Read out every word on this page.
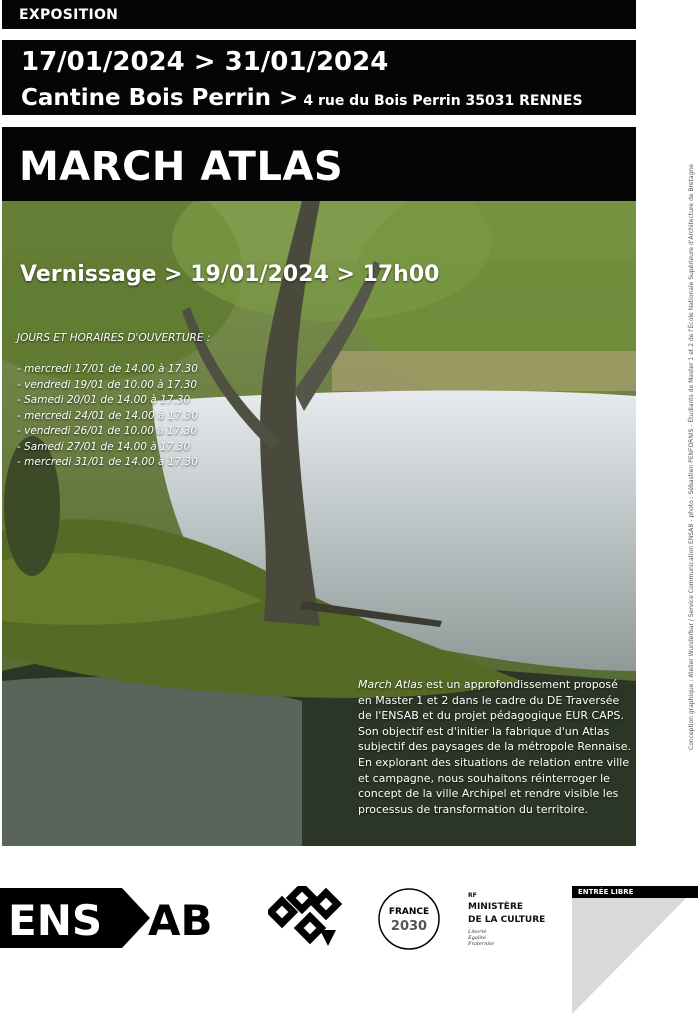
EXPOSITION
17/01/2024 > 31/01/2024
Cantine Bois Perrin > 4 rue du Bois Perrin 35031 RENNES
MARCH ATLAS
Vernissage > 19/01/2024 > 17h00
JOURS ET HORAIRES D'OUVERTURE :
- mercredi 17/01 de 14.00 à 17.30
- vendredi 19/01 de 10.00 à 17.30
- Samedi 20/01 de 14.00 à 17.30
- mercredi 24/01 de 14.00 à 17.30
- vendredi 26/01 de 10.00 à 17.30
- Samedi 27/01 de 14.00 à 17.30
- mercredi 31/01 de 14.00 à 17.30
March Atlas est un approfondissement proposé en Master 1 et 2 dans le cadre du DE Traversée de l'ENSAB et du projet pédagogique EUR CAPS. Son objectif est d'initier la fabrique d'un Atlas subjectif des paysages de la métropole Rennaise. En explorant des situations de relation entre ville et campagne, nous souhaitons réinterroger le concept de la ville Archipel et rendre visible les processus de transformation du territoire.
Conception graphique : Atelier Wunderbar / Service Communication ENSAB - photo : Sébastien PENFORNIS - Étudiants de Master 1 et 2 de l'École Nationale Supérieure d'Architecture de Bretagne
ENS AB	FRANCE
2030
RF
MINISTÈRE
DE LA CULTURE
Liberté
Égalité
Fraternité
ENTRÉE LIBRE
